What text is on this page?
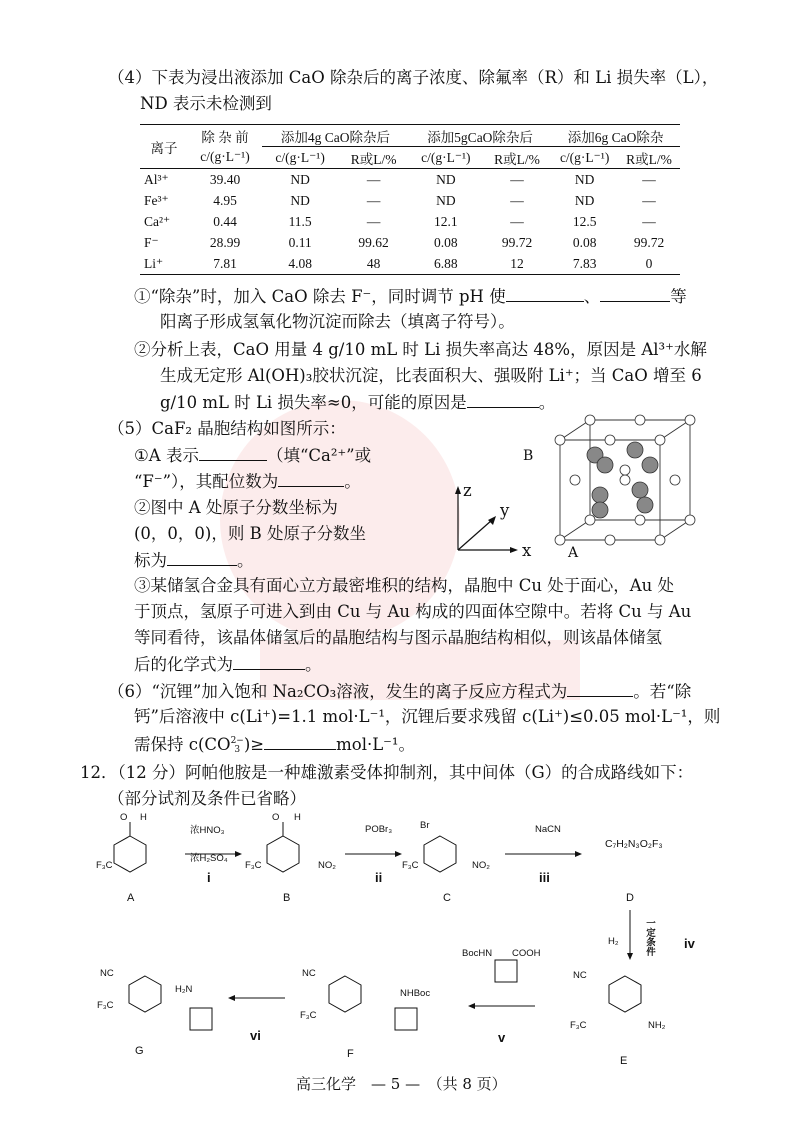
（4）下表为浸出液添加 CaO 除杂后的离子浓度、除氟率（R）和 Li 损失率（L），
ND 表示未检测到
离子	除 杂 前	添加4g CaO除杂后		添加5gCaO除杂后		添加6g CaO除杂	
	c/(g·L⁻¹)	c/(g·L⁻¹)	R或L/%	c/(g·L⁻¹)	R或L/%	c/(g·L⁻¹)	R或L/%
Al³⁺	39.40	ND	—	ND	—	ND	—
Fe³⁺	4.95	ND	—	ND	—	ND	—
Ca²⁺	0.44	11.5	—	12.1	—	12.5	—
F⁻	28.99	0.11	99.62	0.08	99.72	0.08	99.72
Li⁺	7.81	4.08	48	6.88	12	7.83	0
①“除杂”时，加入 CaO 除去 F⁻，同时调节 pH 使	、	等
阳离子形成氢氧化物沉淀而除去（填离子符号）。
②分析上表，CaO 用量 4 g/10 mL 时 Li 损失率高达 48%，原因是 Al³⁺水解
生成无定形 Al(OH)₃胶状沉淀，比表面积大、强吸附 Li⁺；当 CaO 增至 6
g/10 mL 时 Li 损失率≈0，可能的原因是	。
（5）CaF₂ 晶胞结构如图所示：
①A 表示	（填“Ca²⁺”或
“F⁻”），其配位数为	。
②图中 A 处原子分数坐标为
(0，0，0)，则 B 处原子分数坐
标为	。
z
y
x
B
A
③某储氢合金具有面心立方最密堆积的结构，晶胞中 Cu 处于面心，Au 处
于顶点，氢原子可进入到由 Cu 与 Au 构成的四面体空隙中。若将 Cu 与 Au
等同看待，该晶体储氢后的晶胞结构与图示晶胞结构相似，则该晶体储氢
后的化学式为	。
（6）“沉锂”加入饱和 Na₂CO₃溶液，发生的离子反应方程式为	。若“除
钙”后溶液中 c(Li⁺)=1.1 mol·L⁻¹，沉锂后要求残留 c(Li⁺)≤0.05 mol·L⁻¹，则
需保持 c(CO2−
3 )≥	mol·L⁻¹。
12．（12 分）阿帕他胺是一种雄激素受体抑制剂，其中间体（G）的合成路线如下：
（部分试剂及条件已省略）
O H
F₃C
A
浓HNO₃
浓H₂SO₄
i
O H
F₃C	NO₂
B
POBr₃
ii
Br
F₃C	NO₂
C
NaCN
iii
C₇H₂N₃O₂F₃
D
H₂	一定条件 iv
NC
F₃C	NH₂
E
BocHN COOH
v
NC
F₃C
NHBoc
F
vi
NC
F₃C
H₂N
G
高三化学　— 5 —　（共 8 页）
